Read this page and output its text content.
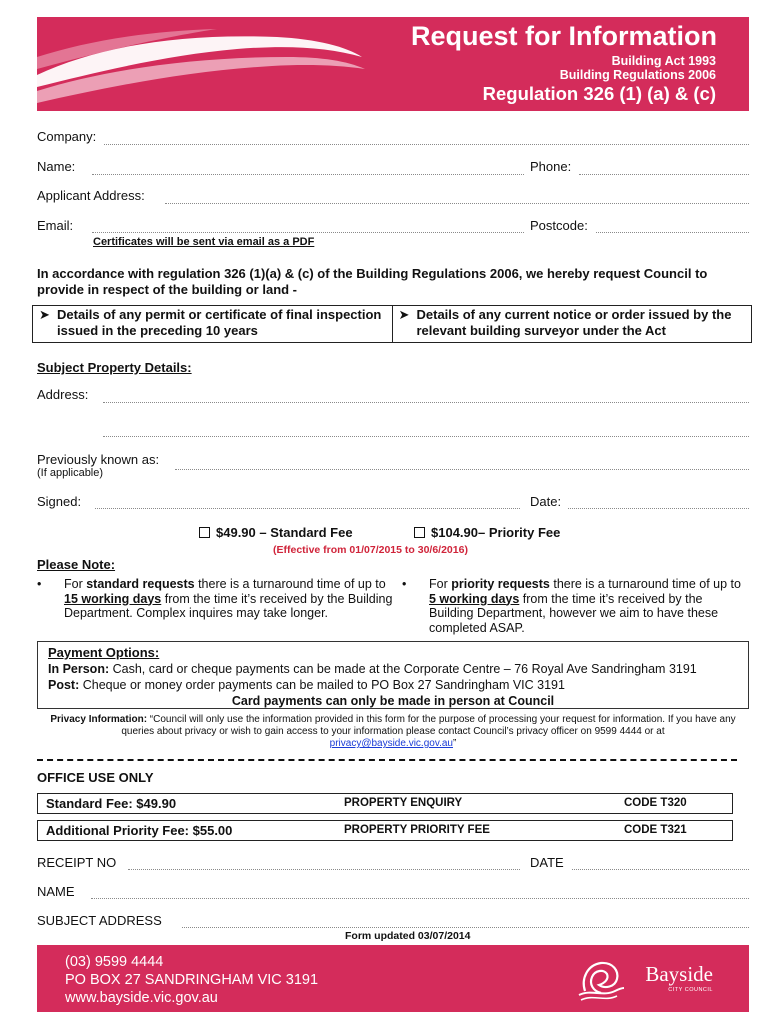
Request for Information
Building Act 1993
Building Regulations 2006
Regulation 326 (1) (a) & (c)
Company:
Name:	Phone:
Applicant Address:
Email:	Postcode:
Certificates will be sent via email as a PDF
In accordance with regulation 326 (1)(a) & (c) of the Building Regulations 2006, we hereby request Council to provide in respect of the building or land -
➤ Details of any permit or certificate of final inspection issued in the preceding 10 years
➤ Details of any current notice or order issued by the relevant building surveyor under the Act
Subject Property Details:
Address:
Previously known as:
(If applicable)
Signed:	Date:
$49.90 – Standard Fee	$104.90– Priority Fee
(Effective from 01/07/2015 to 30/6/2016)
Please Note:
• For standard requests there is a turnaround time of up to 15 working days from the time it’s received by the Building Department. Complex inquires may take longer.
• For priority requests there is a turnaround time of up to 5 working days from the time it’s received by the Building Department, however we aim to have these completed ASAP.
Payment Options:
In Person: Cash, card or cheque payments can be made at the Corporate Centre – 76 Royal Ave Sandringham 3191
Post: Cheque or money order payments can be mailed to PO Box 27 Sandringham VIC 3191
Card payments can only be made in person at Council
Privacy Information: “Council will only use the information provided in this form for the purpose of processing your request for information. If you have any queries about privacy or wish to gain access to your information please contact Council’s privacy officer on 9599 4444 or at
privacy@bayside.vic.gov.au”
OFFICE USE ONLY
Standard Fee: $49.90	PROPERTY ENQUIRY	CODE T320
Additional Priority Fee: $55.00	PROPERTY PRIORITY FEE	CODE T321
RECEIPT NO	DATE
NAME
SUBJECT ADDRESS
Form updated 03/07/2014
(03) 9599 4444
PO BOX 27 SANDRINGHAM VIC 3191
www.bayside.vic.gov.au
Bayside
CITY COUNCIL
